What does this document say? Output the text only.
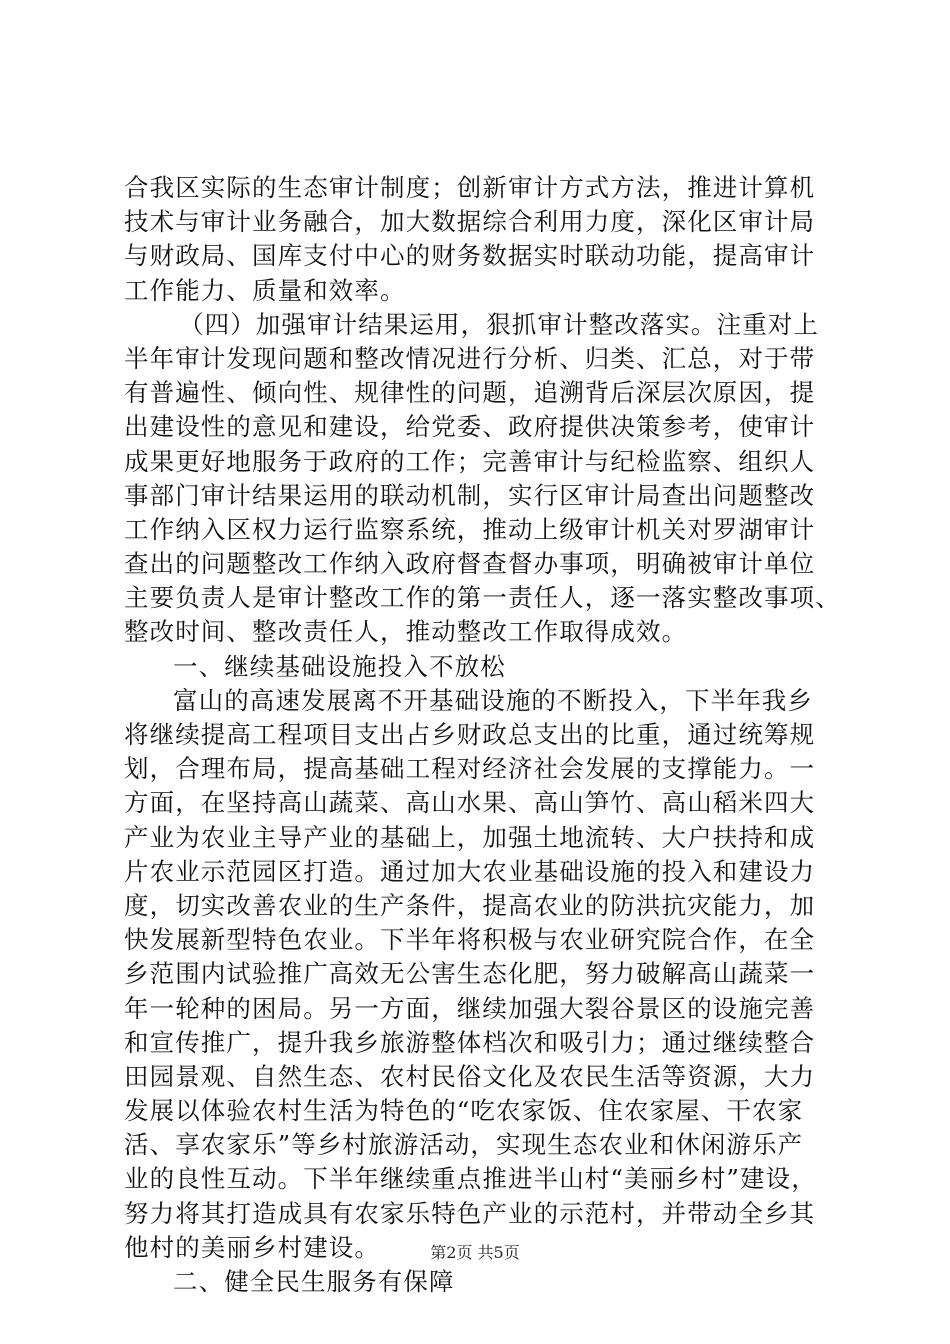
合我区实际的生态审计制度；创新审计方式方法，推进计算机
技术与审计业务融合，加大数据综合利用力度，深化区审计局
与财政局、国库支付中心的财务数据实时联动功能，提高审计
工作能力、质量和效率。
（四）加强审计结果运用，狠抓审计整改落实。注重对上
半年审计发现问题和整改情况进行分析、归类、汇总，对于带
有普遍性、倾向性、规律性的问题，追溯背后深层次原因，提
出建设性的意见和建设，给党委、政府提供决策参考，使审计
成果更好地服务于政府的工作；完善审计与纪检监察、组织人
事部门审计结果运用的联动机制，实行区审计局查出问题整改
工作纳入区权力运行监察系统，推动上级审计机关对罗湖审计
查出的问题整改工作纳入政府督查督办事项，明确被审计单位
主要负责人是审计整改工作的第一责任人，逐一落实整改事项、
整改时间、整改责任人，推动整改工作取得成效。
一、继续基础设施投入不放松
富山的高速发展离不开基础设施的不断投入，下半年我乡
将继续提高工程项目支出占乡财政总支出的比重，通过统筹规
划，合理布局，提高基础工程对经济社会发展的支撑能力。一
方面，在坚持高山蔬菜、高山水果、高山笋竹、高山稻米四大
产业为农业主导产业的基础上，加强土地流转、大户扶持和成
片农业示范园区打造。通过加大农业基础设施的投入和建设力
度，切实改善农业的生产条件，提高农业的防洪抗灾能力，加
快发展新型特色农业。下半年将积极与农业研究院合作，在全
乡范围内试验推广高效无公害生态化肥，努力破解高山蔬菜一
年一轮种的困局。另一方面，继续加强大裂谷景区的设施完善
和宣传推广，提升我乡旅游整体档次和吸引力；通过继续整合
田园景观、自然生态、农村民俗文化及农民生活等资源，大力
发展以体验农村生活为特色的“吃农家饭、住农家屋、干农家
活、享农家乐”等乡村旅游活动，实现生态农业和休闲游乐产
业的良性互动。下半年继续重点推进半山村“美丽乡村”建设，
努力将其打造成具有农家乐特色产业的示范村，并带动全乡其
他村的美丽乡村建设。
二、健全民生服务有保障
第2页 共5页
